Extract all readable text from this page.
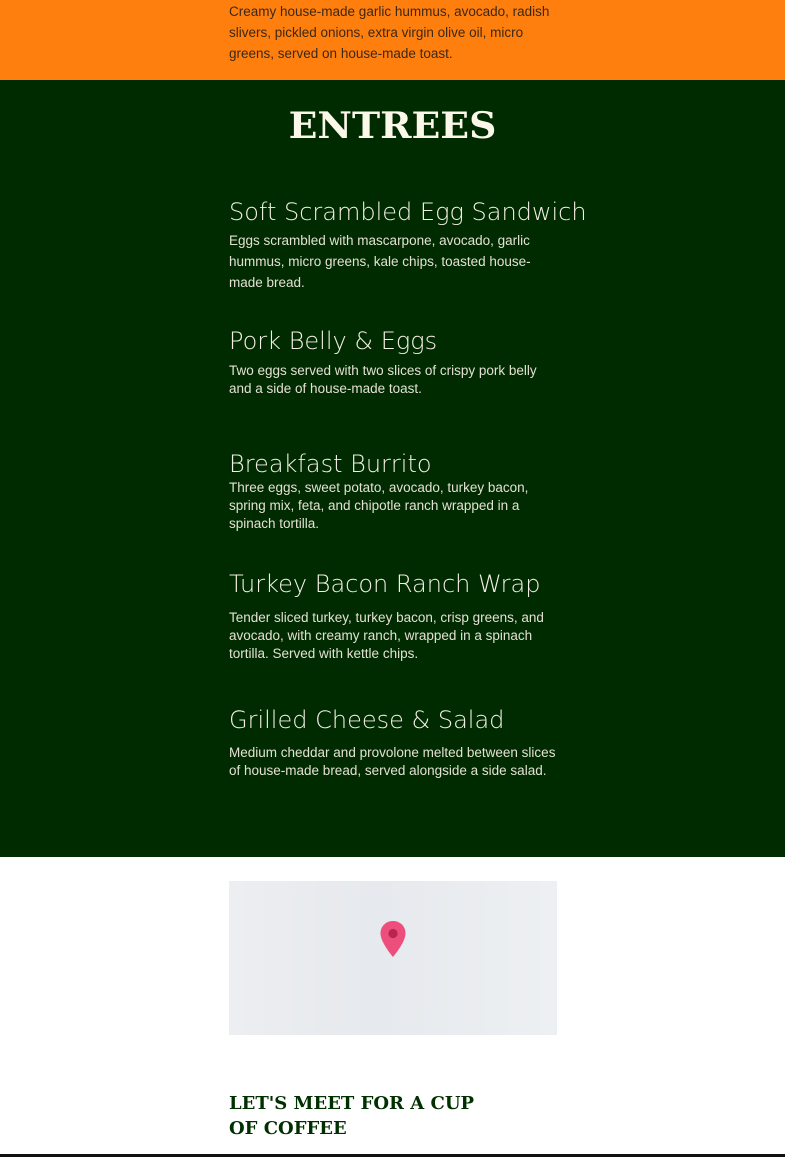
Creamy house-made garlic hummus, avocado, radish slivers, pickled onions, extra virgin olive oil, micro greens, served on house-made toast.

ENTREES
Soft Scrambled Egg Sandwich

Eggs scrambled with mascarpone, avocado, garlic hummus, micro greens, kale chips, toasted house-made bread.

Pork Belly & Eggs

Two eggs served with two slices of crispy pork belly and a side of house-made toast.

Breakfast Burrito

Three eggs, sweet potato, avocado, turkey bacon, spring mix, feta, and chipotle ranch wrapped in a spinach tortilla.

Turkey Bacon Ranch Wrap

Tender sliced turkey, turkey bacon, crisp greens, and avocado, with creamy ranch, wrapped in a spinach tortilla. Served with kettle chips.

Grilled Cheese & Salad

Medium cheddar and provolone melted between slices of house-made bread, served alongside a side salad.

LET'S MEET FOR A CUP OF COFFEE
